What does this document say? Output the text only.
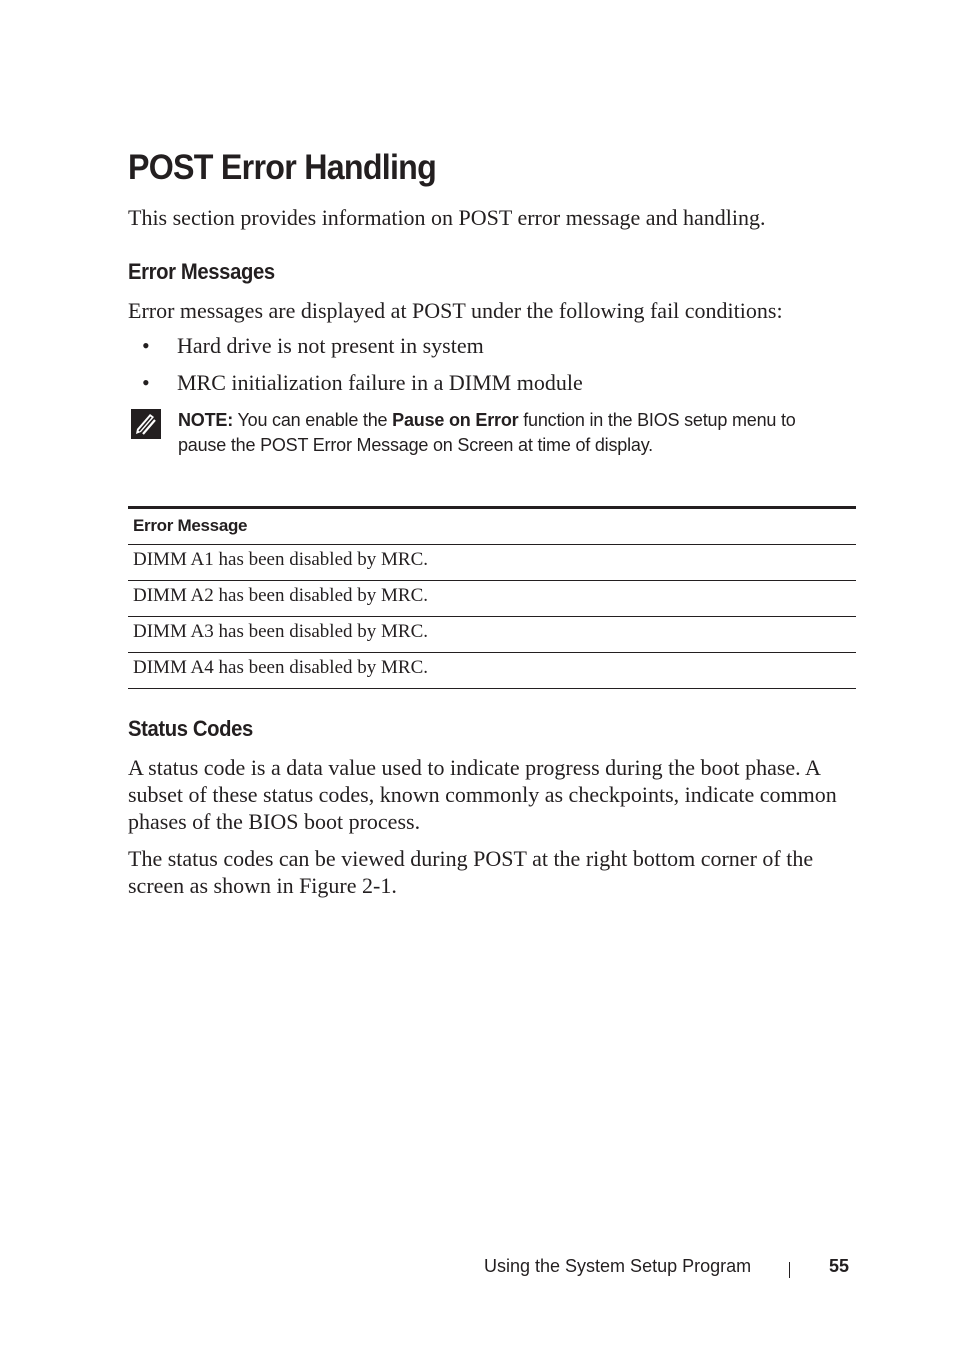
POST Error Handling

This section provides information on POST error message and handling.

Error Messages

Error messages are displayed at POST under the following fail conditions:

• Hard drive is not present in system
• MRC initialization failure in a DIMM module
NOTE: You can enable the Pause on Error function in the BIOS setup menu to pause the POST Error Message on Screen at time of display.
Error Message
DIMM A1 has been disabled by MRC.
DIMM A2 has been disabled by MRC.
DIMM A3 has been disabled by MRC.
DIMM A4 has been disabled by MRC.
Status Codes

A status code is a data value used to indicate progress during the boot phase. A subset of these status codes, known commonly as checkpoints, indicate common phases of the BIOS boot process.

The status codes can be viewed during POST at the right bottom corner of the screen as shown in Figure 2-1.

Using the System Setup Program	55
